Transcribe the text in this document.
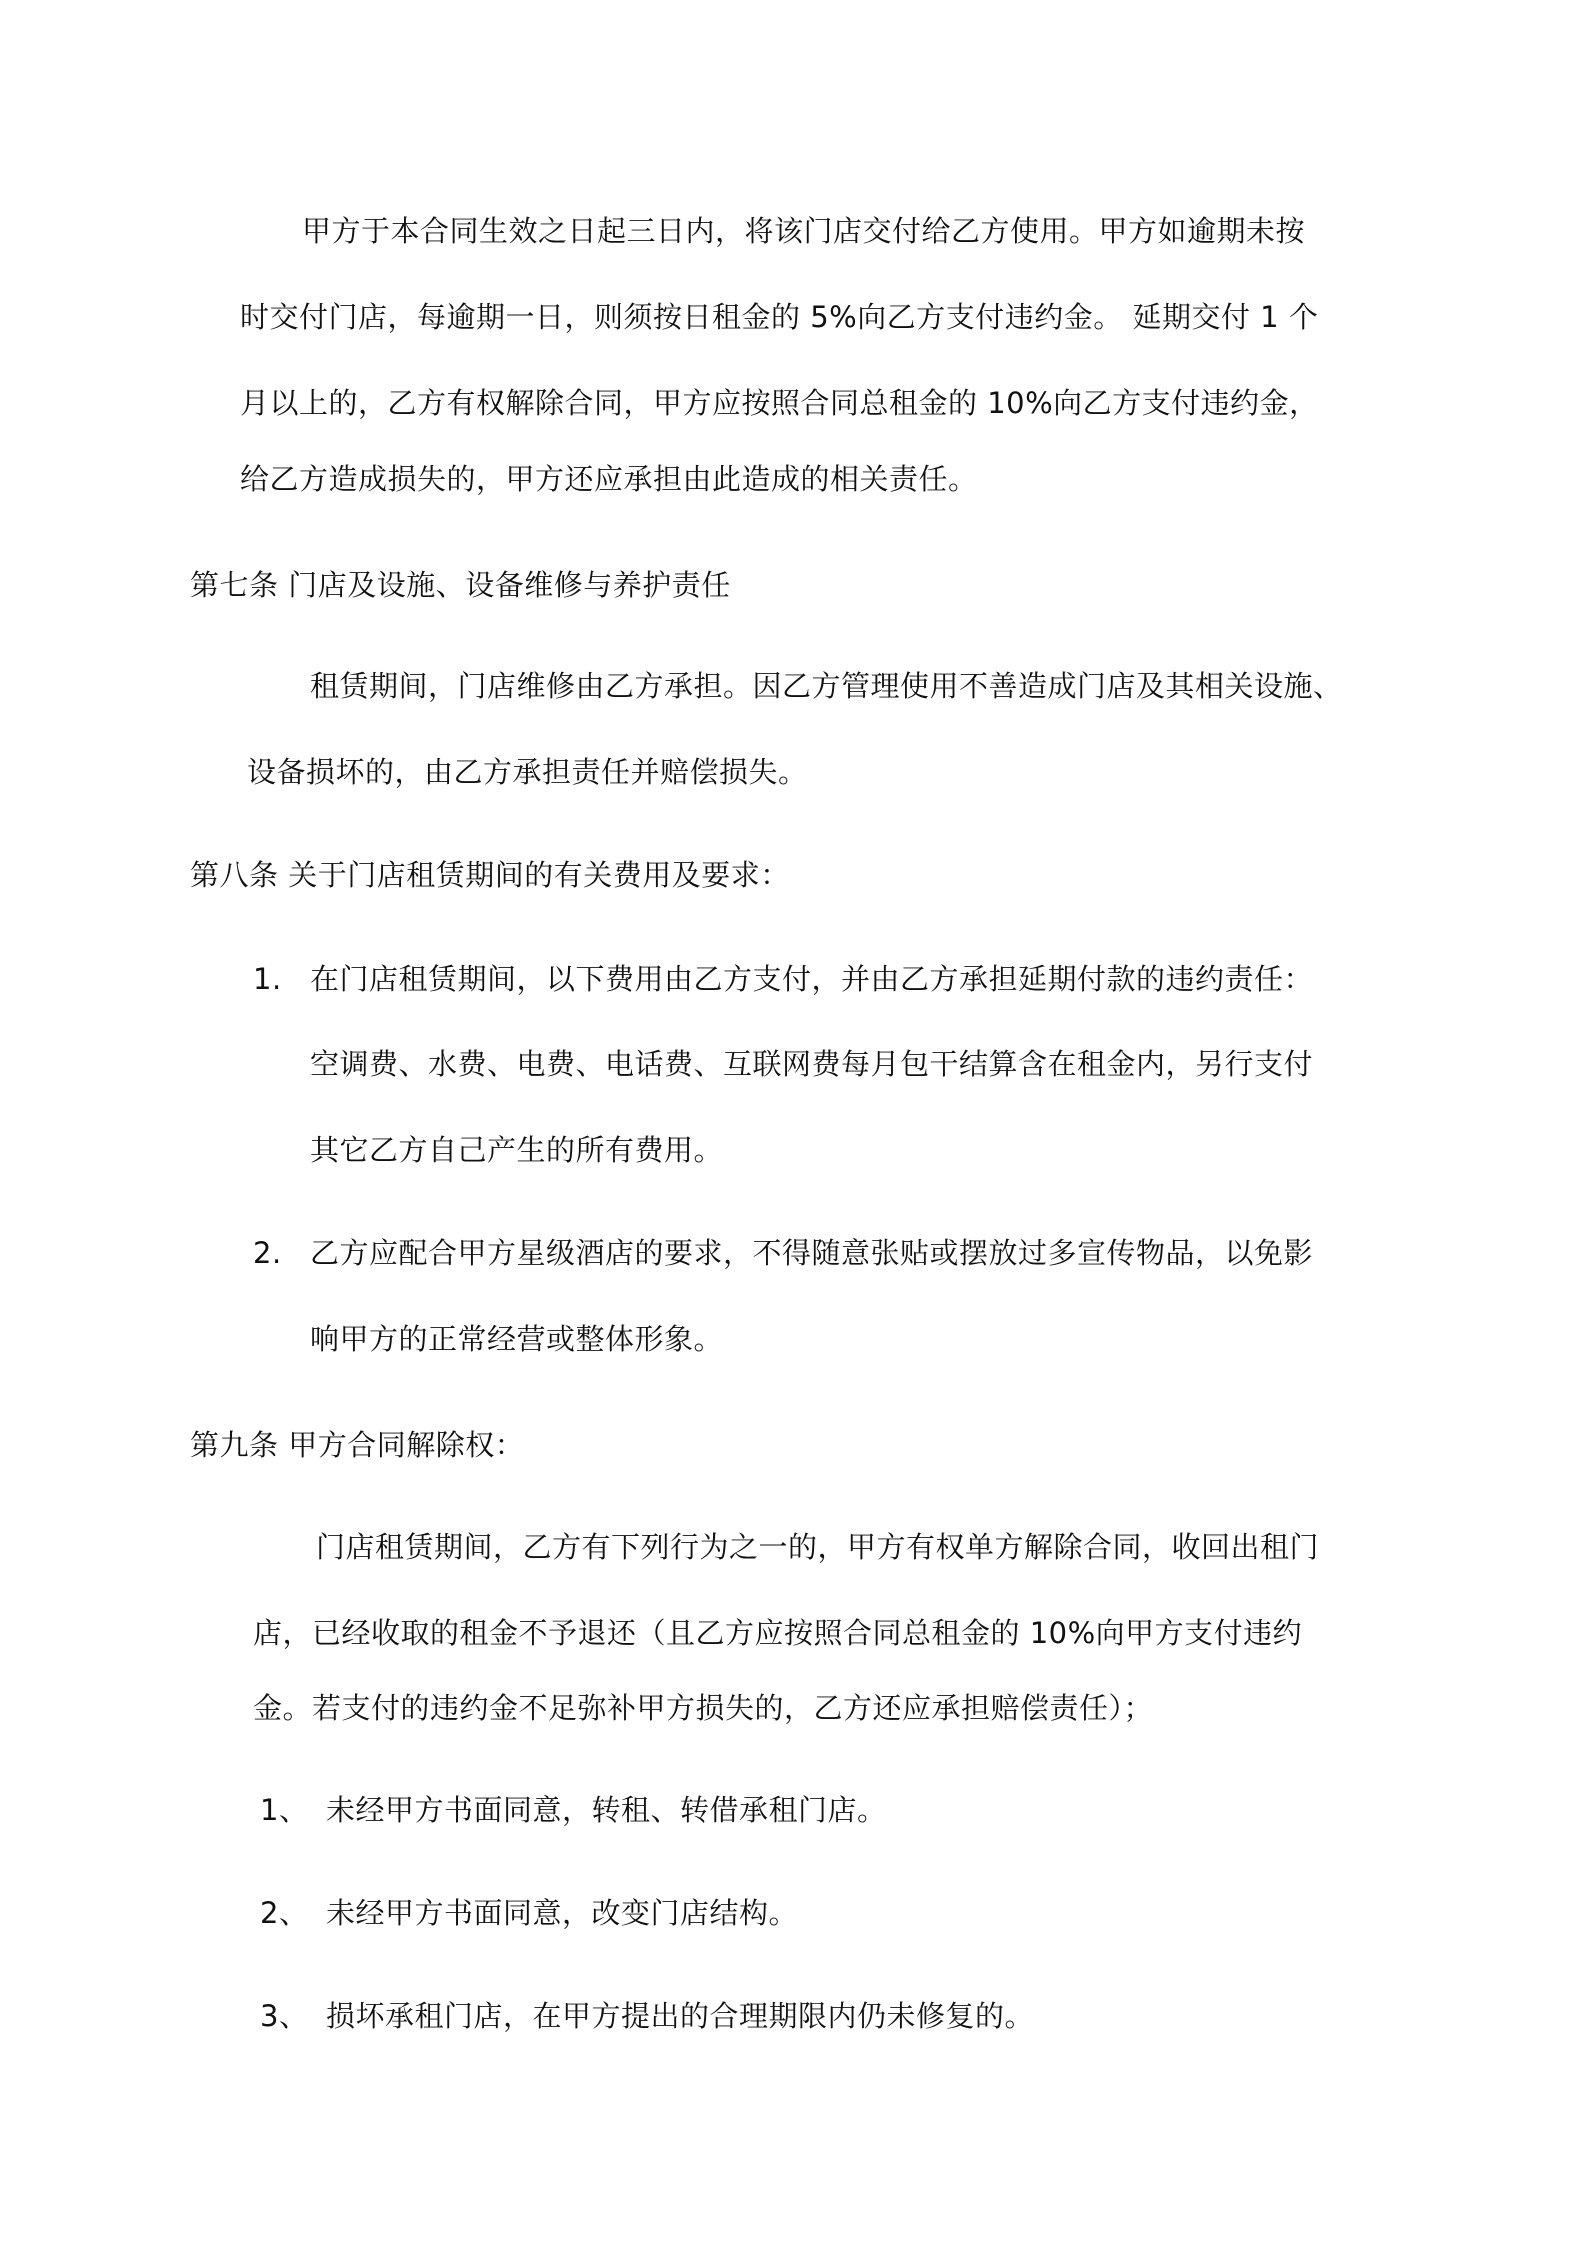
甲方于本合同生效之日起三日内，将该门店交付给乙方使用。甲方如逾期未按

时交付门店，每逾期一日，则须按日租金的 5%向乙方支付违约金。 延期交付 1 个

月以上的，乙方有权解除合同，甲方应按照合同总租金的 10%向乙方支付违约金，

给乙方造成损失的，甲方还应承担由此造成的相关责任。

第七条 门店及设施、设备维修与养护责任

租赁期间，门店维修由乙方承担。因乙方管理使用不善造成门店及其相关设施、

设备损坏的，由乙方承担责任并赔偿损失。

第八条 关于门店租赁期间的有关费用及要求：

1. 在门店租赁期间，以下费用由乙方支付，并由乙方承担延期付款的违约责任：

空调费、水费、电费、电话费、互联网费每月包干结算含在租金内，另行支付

其它乙方自己产生的所有费用。

2. 乙方应配合甲方星级酒店的要求，不得随意张贴或摆放过多宣传物品，以免影

响甲方的正常经营或整体形象。

第九条 甲方合同解除权：

门店租赁期间，乙方有下列行为之一的，甲方有权单方解除合同，收回出租门

店，已经收取的租金不予退还（且乙方应按照合同总租金的 10%向甲方支付违约

金。若支付的违约金不足弥补甲方损失的，乙方还应承担赔偿责任）；

1、 未经甲方书面同意，转租、转借承租门店。

2、 未经甲方书面同意，改变门店结构。

3、 损坏承租门店，在甲方提出的合理期限内仍未修复的。
